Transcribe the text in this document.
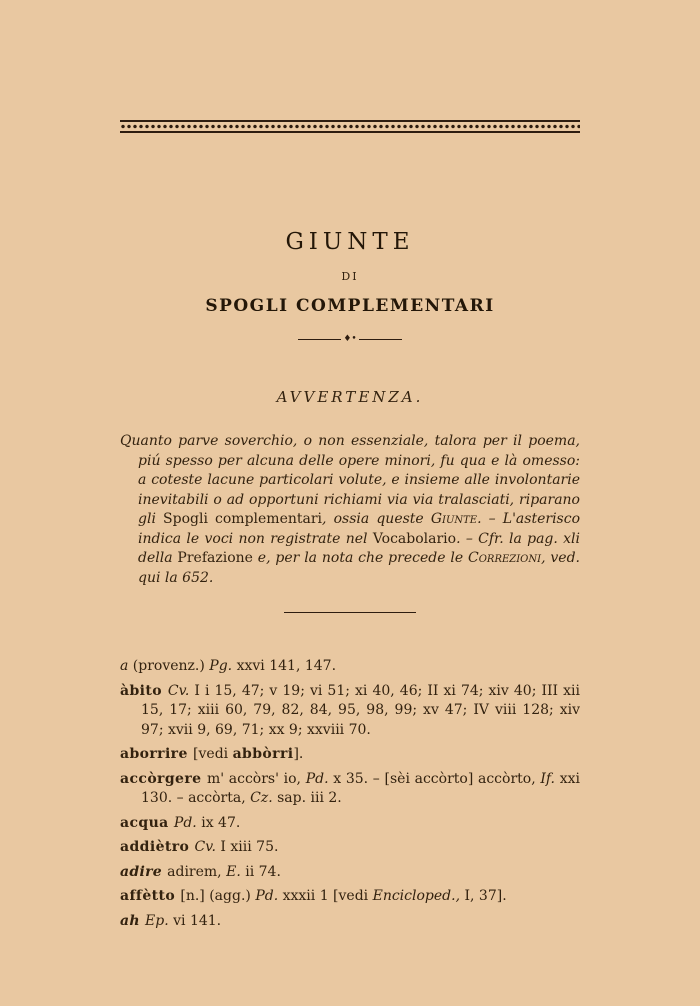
GIUNTE
DI
SPOGLI COMPLEMENTARI
♦•
AVVERTENZA.

Quanto parve soverchio, o non essenziale, talora per il poema, piú spesso per alcuna delle opere minori, fu qua e là omesso: a coteste lacune particolari volute, e insieme alle involontarie inevitabili o ad opportuni richiami via via tralasciati, riparano gli Spogli complementari, ossia queste Giunte. – L'asterisco indica le voci non registrate nel Vocabolario. – Cfr. la pag. xli della Prefazione e, per la nota che precede le Correzioni, ved. qui la 652.

a (provenz.) Pg. xxvi 141, 147.
àbito Cv. I i 15, 47; v 19; vi 51; xi 40, 46; II xi 74; xiv 40; III xii 15, 17; xiii 60, 79, 82, 84, 95, 98, 99; xv 47; IV viii 128; xiv 97; xvii 9, 69, 71; xx 9; xxviii 70.
aborrire [vedi abbòrri].
accòrgere m' accòrs' io, Pd. x 35. – [sèi accòrto] accòrto, If. xxi 130. – accòrta, Cz. sap. iii 2.
acqua Pd. ix 47.
addiètro Cv. I xiii 75.
adire adirem, E. ii 74.
affètto [n.] (agg.) Pd. xxxii 1 [vedi Encicloped., I, 37].
ah Ep. vi 141.
